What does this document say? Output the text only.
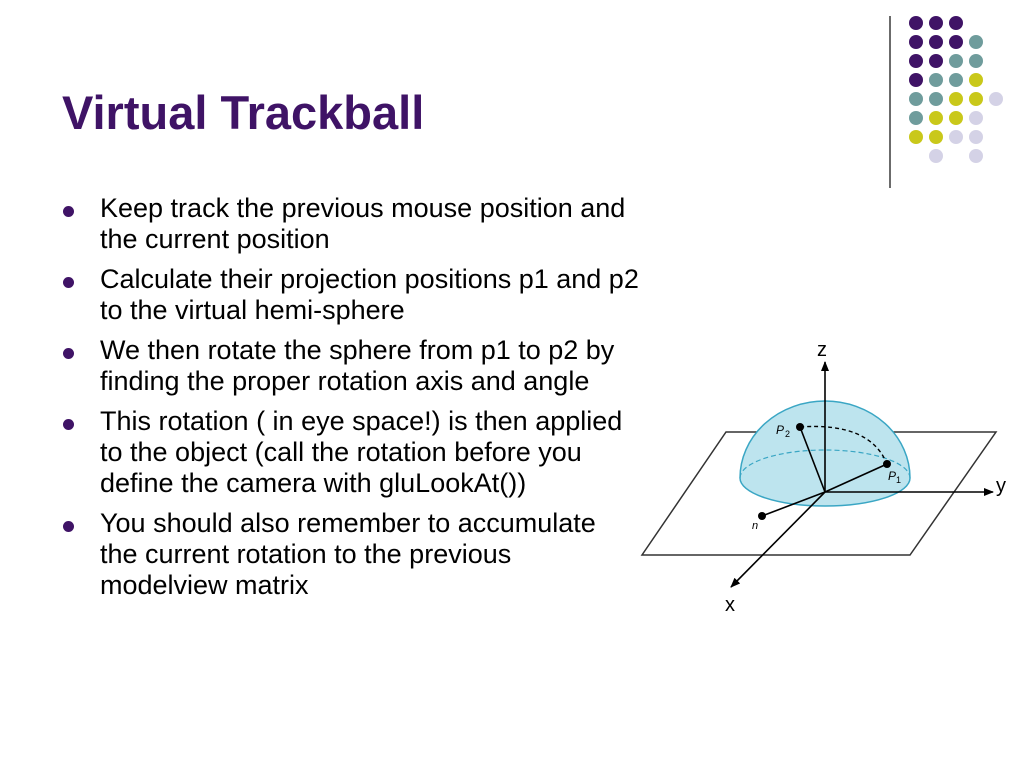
Virtual Trackball
Keep track the previous mouse position and the current position
Calculate their projection positions p1 and p2 to the virtual hemi-sphere
We then rotate the sphere from p1 to p2 by finding the proper rotation axis and angle
This rotation ( in eye space!) is then applied to the object (call the rotation before you define the camera with gluLookAt())
You should also remember to accumulate the current rotation to the previous modelview matrix
z
y
x
P 2
P 1
n
